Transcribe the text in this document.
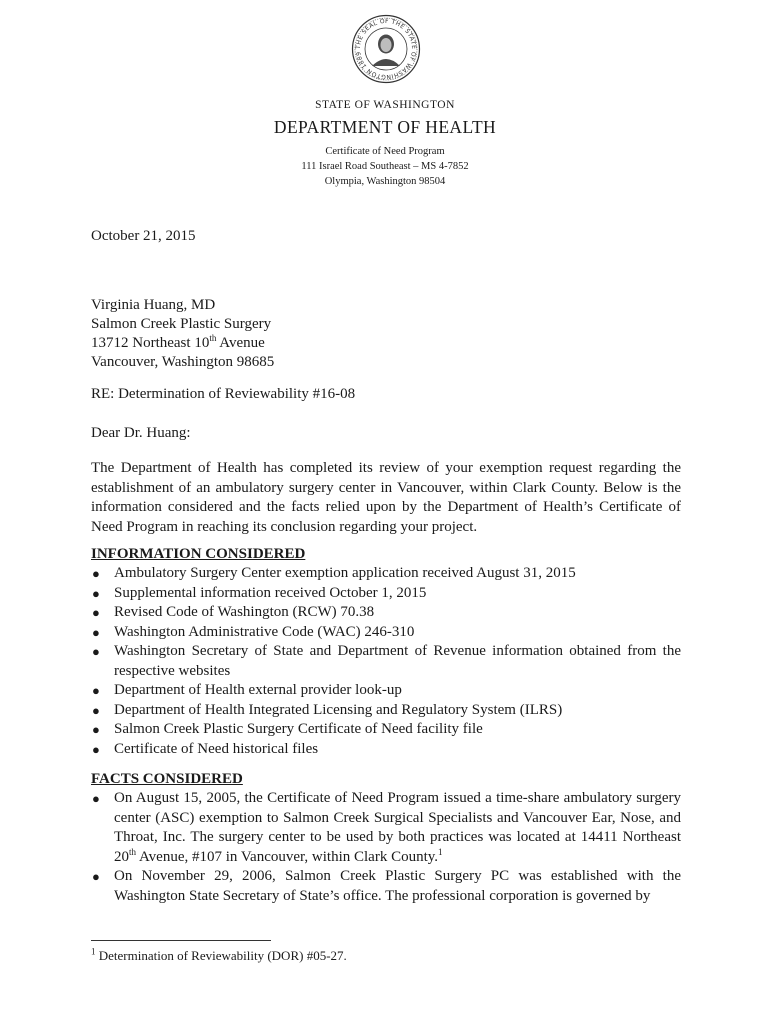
THE SEAL OF THE STATE OF WASHINGTON 1889
STATE OF WASHINGTON
DEPARTMENT OF HEALTH
Certificate of Need Program
111 Israel Road Southeast – MS 4-7852
Olympia, Washington 98504
October 21, 2015
Virginia Huang, MD
Salmon Creek Plastic Surgery
13712 Northeast 10th Avenue
Vancouver, Washington 98685
RE: Determination of Reviewability #16-08
Dear Dr. Huang:
The Department of Health has completed its review of your exemption request regarding the establishment of an ambulatory surgery center in Vancouver, within Clark County. Below is the information considered and the facts relied upon by the Department of Health’s Certificate of Need Program in reaching its conclusion regarding your project.
INFORMATION CONSIDERED
● Ambulatory Surgery Center exemption application received August 31, 2015
● Supplemental information received October 1, 2015
● Revised Code of Washington (RCW) 70.38
● Washington Administrative Code (WAC) 246-310
● Washington Secretary of State and Department of Revenue information obtained from the respective websites
● Department of Health external provider look-up
● Department of Health Integrated Licensing and Regulatory System (ILRS)
● Salmon Creek Plastic Surgery Certificate of Need facility file
● Certificate of Need historical files
FACTS CONSIDERED
● On August 15, 2005, the Certificate of Need Program issued a time-share ambulatory surgery center (ASC) exemption to Salmon Creek Surgical Specialists and Vancouver Ear, Nose, and Throat, Inc. The surgery center to be used by both practices was located at 14411 Northeast 20th Avenue, #107 in Vancouver, within Clark County.$^1$
● On November 29, 2006, Salmon Creek Plastic Surgery PC was established with the Washington State Secretary of State’s office. The professional corporation is governed by
$^1$ Determination of Reviewability (DOR) #05-27.
